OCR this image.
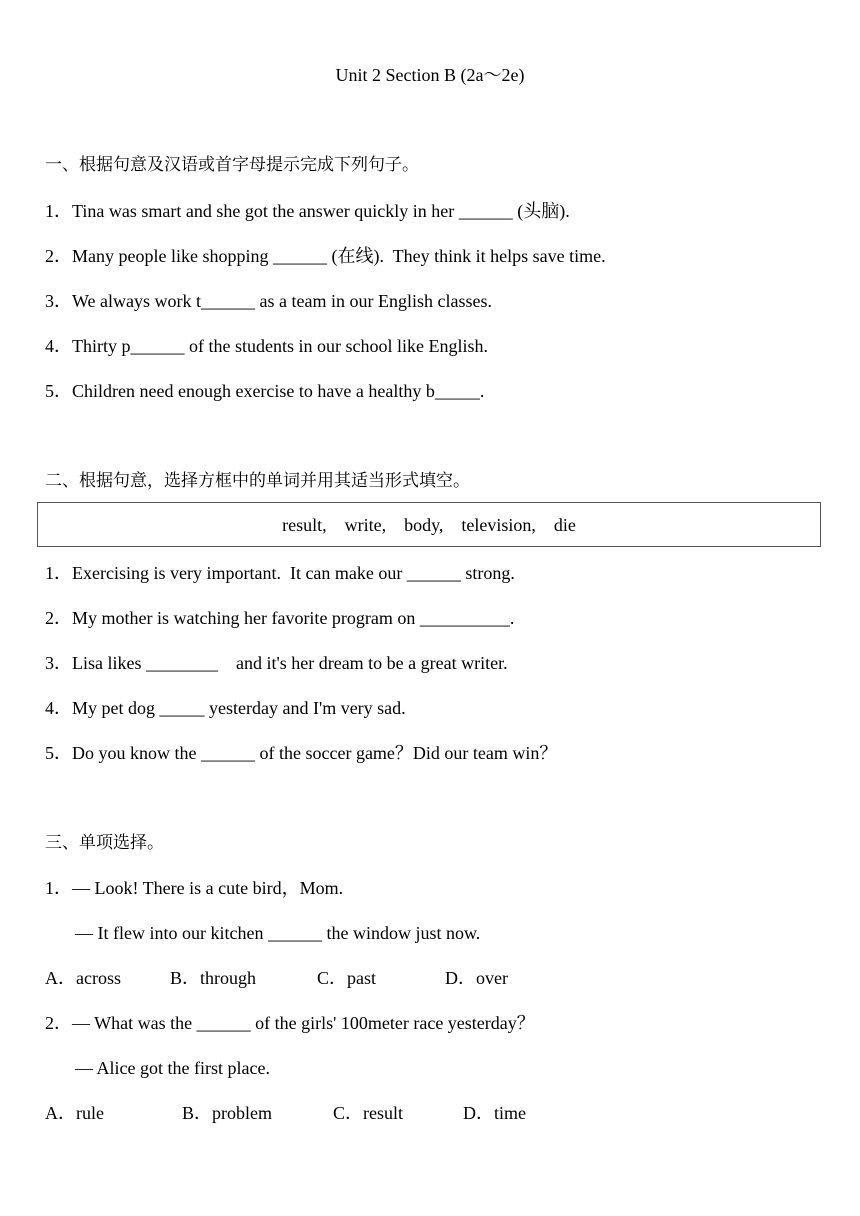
Unit 2 Section B (2a～2e)
一、根据句意及汉语或首字母提示完成下列句子。
1．Tina was smart and she got the answer quickly in her ______ (头脑).
2．Many people like shopping ______ (在线).  They think it helps save time.
3．We always work t______ as a team in our English classes.
4．Thirty p______ of the students in our school like English.
5．Children need enough exercise to have a healthy b_____.
二、根据句意，选择方框中的单词并用其适当形式填空。
result,    write,    body,    television,    die
1．Exercising is very important.  It can make our ______ strong.
2．My mother is watching her favorite program on __________.
3．Lisa likes ________    and it's her dream to be a great writer.
4．My pet dog _____ yesterday and I'm very sad.
5．Do you know the ______ of the soccer game？Did our team win？
三、单项选择。
1．— Look! There is a cute bird，Mom.
— It flew into our kitchen ______ the window just now.
A．across	B．through	C．past	D．over
2．— What was the ______ of the girls' 100meter race yesterday？
— Alice got the first place.
A．rule	B．problem	C．result	D．time
